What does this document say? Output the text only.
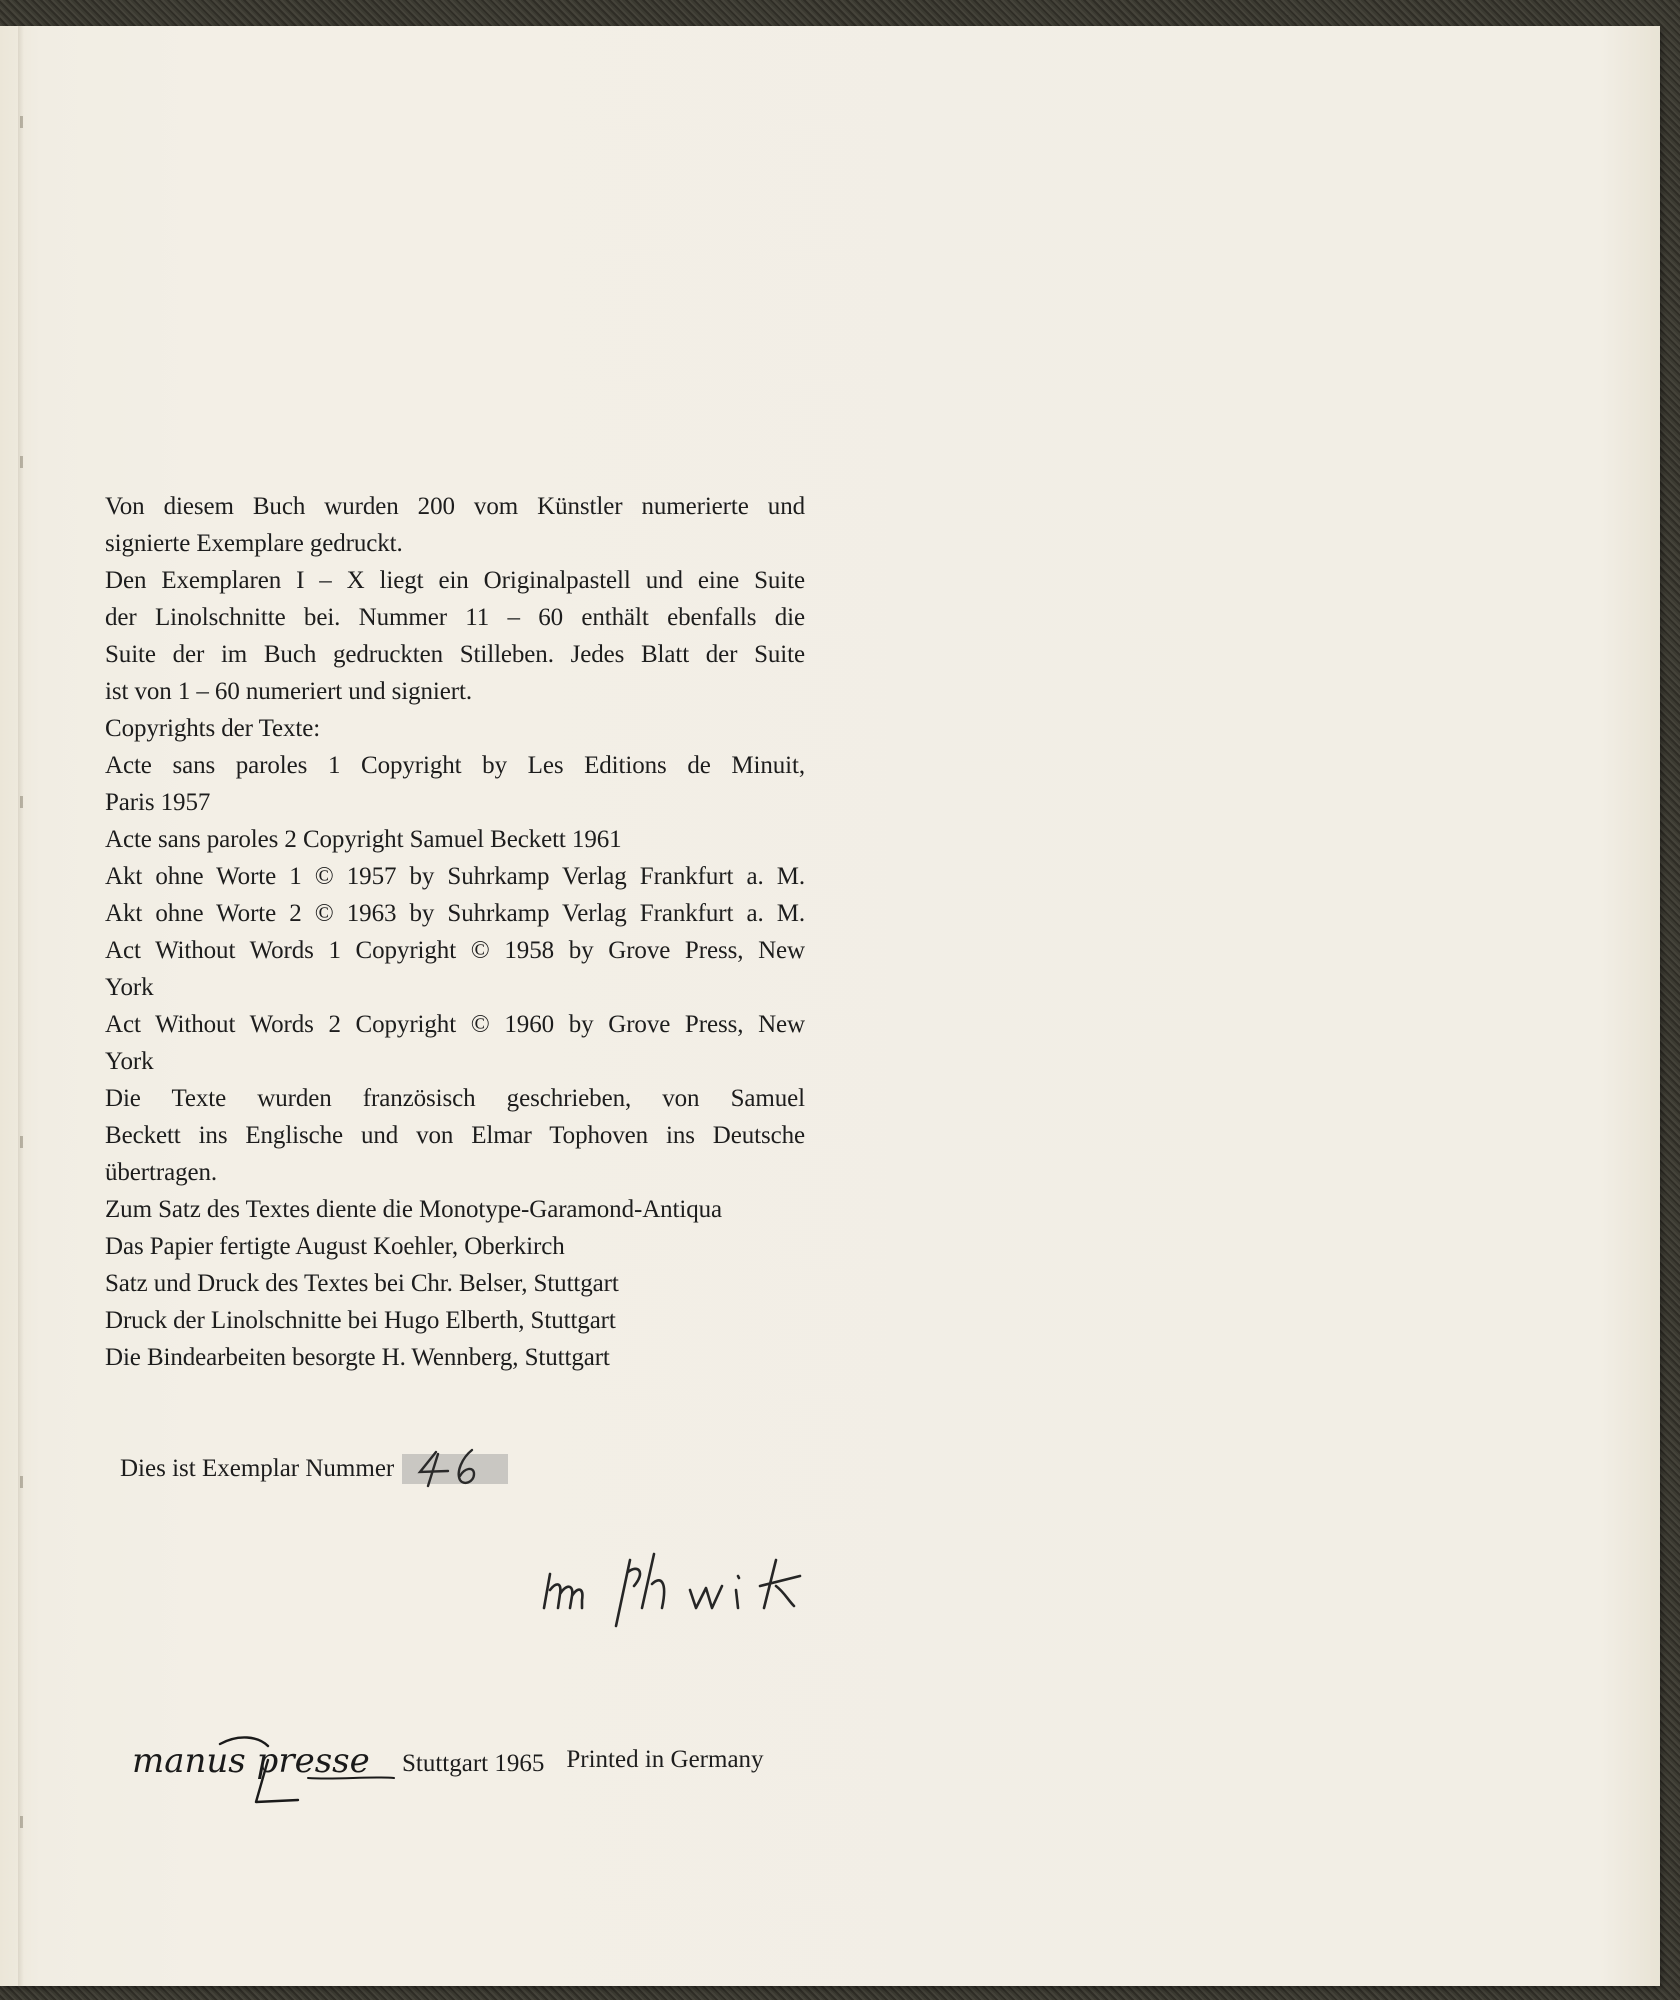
Von diesem Buch wurden 200 vom Künstler numerierte und
signierte Exemplare gedruckt.
Den Exemplaren I – X liegt ein Originalpastell und eine Suite
der Linolschnitte bei. Nummer 11 – 60 enthält ebenfalls die
Suite der im Buch gedruckten Stilleben. Jedes Blatt der Suite
ist von 1 – 60 numeriert und signiert.
Copyrights der Texte:
Acte sans paroles 1 Copyright by Les Editions de Minuit,
Paris 1957
Acte sans paroles 2 Copyright Samuel Beckett 1961
Akt ohne Worte 1 © 1957 by Suhrkamp Verlag Frankfurt a. M.
Akt ohne Worte 2 © 1963 by Suhrkamp Verlag Frankfurt a. M.
Act Without Words 1 Copyright © 1958 by Grove Press, New
York
Act Without Words 2 Copyright © 1960 by Grove Press, New
York
Die Texte wurden französisch geschrieben, von Samuel
Beckett ins Englische und von Elmar Tophoven ins Deutsche
übertragen.
Zum Satz des Textes diente die Monotype-Garamond-Antiqua
Das Papier fertigte August Koehler, Oberkirch
Satz und Druck des Textes bei Chr. Belser, Stuttgart
Druck der Linolschnitte bei Hugo Elberth, Stuttgart
Die Bindearbeiten besorgte H. Wennberg, Stuttgart
Dies ist Exemplar Nummer
manus presse Stuttgart 1965 Printed in Germany
